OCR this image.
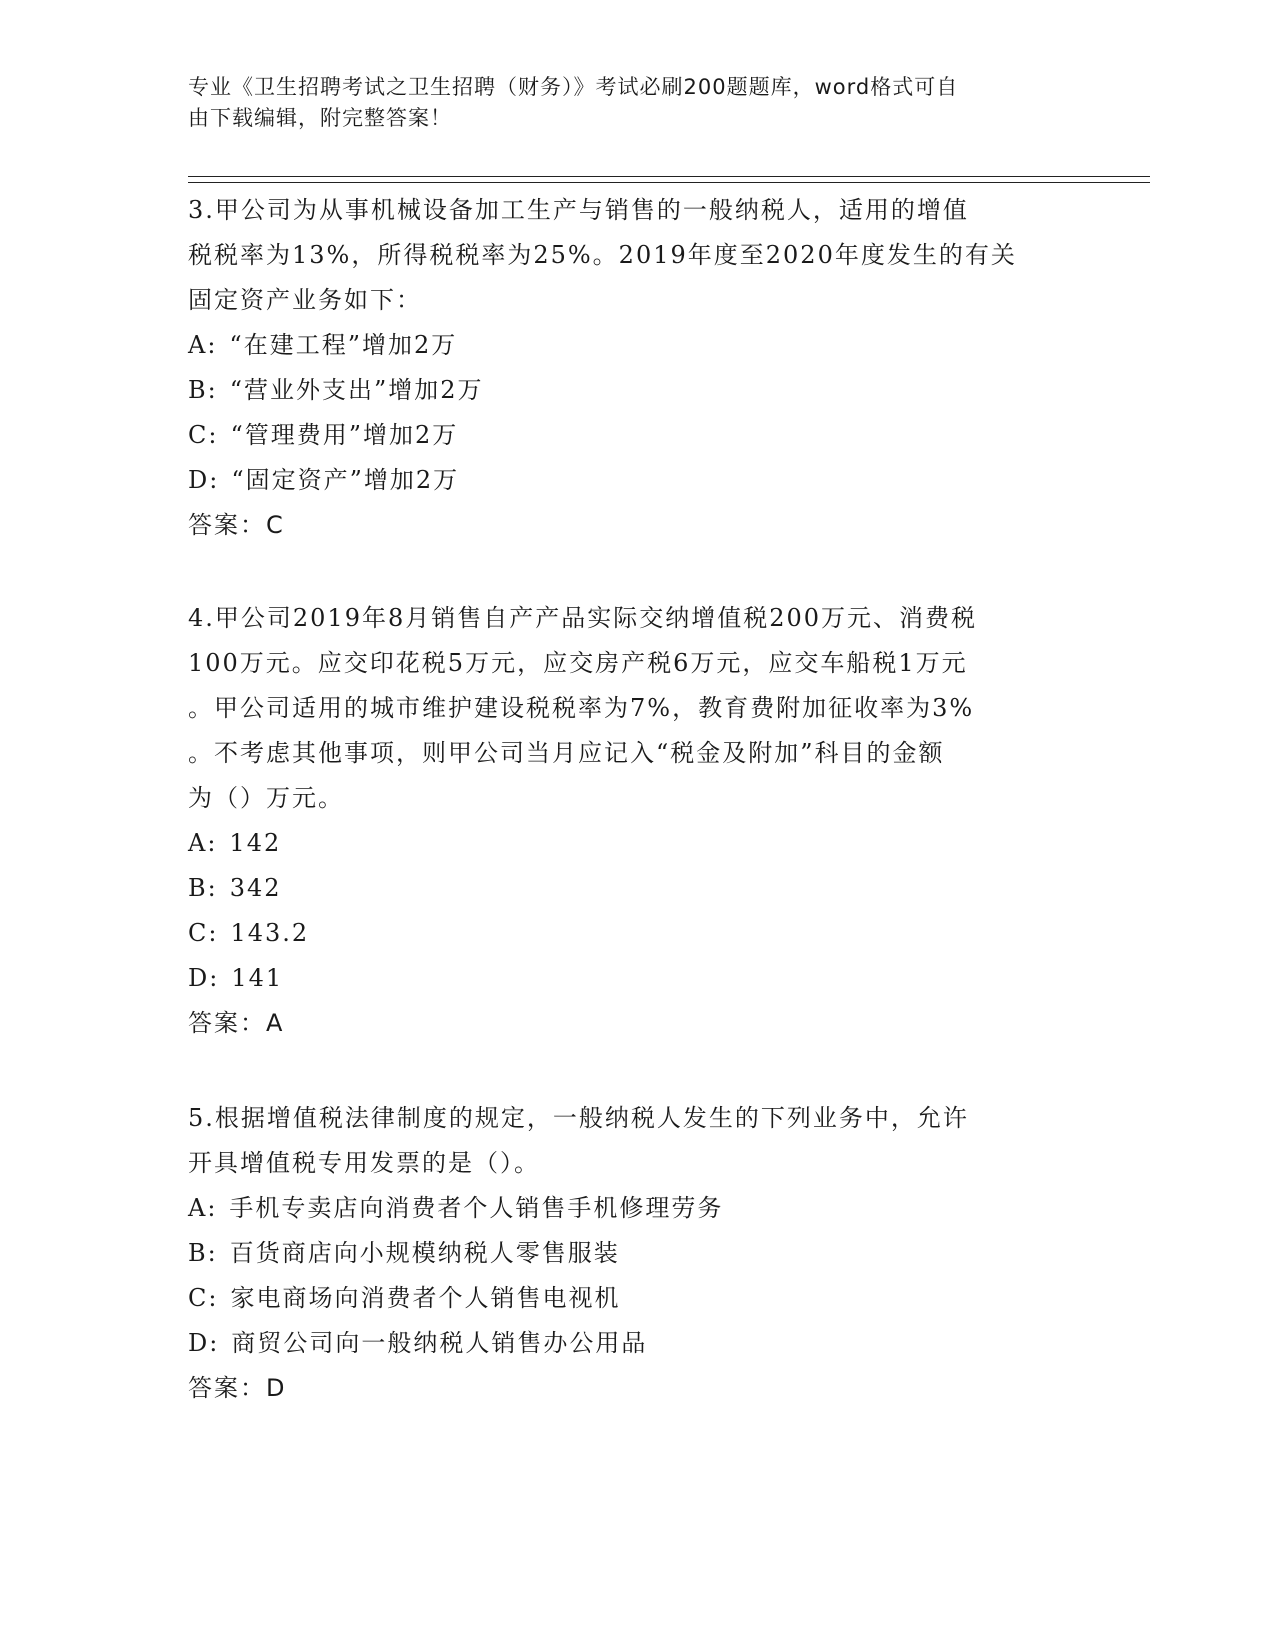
专业《卫生招聘考试之卫生招聘（财务）》考试必刷200题题库，word格式可自
由下载编辑，附完整答案！
3.甲公司为从事机械设备加工生产与销售的一般纳税人，适用的增值
税税率为13%，所得税税率为25%。2019年度至2020年度发生的有关
固定资产业务如下：
A: “在建工程”增加2万
B: “营业外支出”增加2万
C: “管理费用”增加2万
D: “固定资产”增加2万
答案：C
4.甲公司2019年8月销售自产产品实际交纳增值税200万元、消费税
100万元。应交印花税5万元，应交房产税6万元，应交车船税1万元
。甲公司适用的城市维护建设税税率为7%，教育费附加征收率为3%
。不考虑其他事项，则甲公司当月应记入“税金及附加”科目的金额
为（）万元。
A: 142
B: 342
C: 143.2
D: 141
答案：A
5.根据增值税法律制度的规定，一般纳税人发生的下列业务中，允许
开具增值税专用发票的是（）。
A: 手机专卖店向消费者个人销售手机修理劳务
B: 百货商店向小规模纳税人零售服装
C: 家电商场向消费者个人销售电视机
D: 商贸公司向一般纳税人销售办公用品
答案：D
